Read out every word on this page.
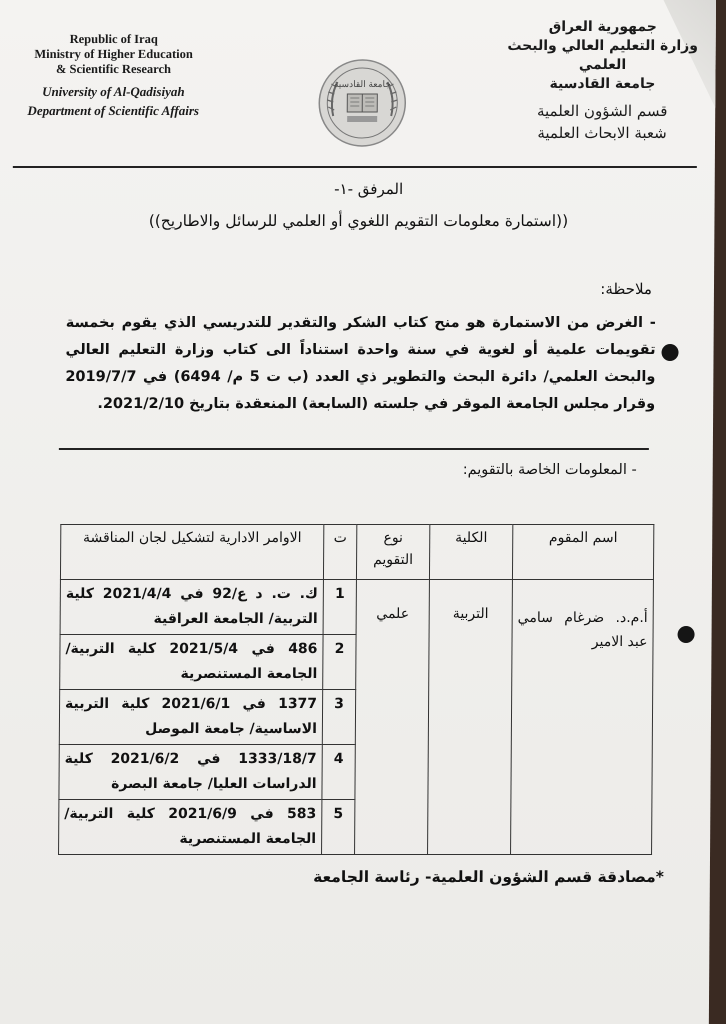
Republic of Iraq
Ministry of Higher Education
& Scientific Research
University of Al-Qadisiyah
Department of Scientific Affairs
جامعة القادسية
جمهورية العراق
وزارة التعليم العالي والبحث العلمي
جامعة القادسية
قسم الشؤون العلمية
شعبة الابحاث العلمية
المرفق -١-
((استمارة معلومات التقويم اللغوي أو العلمي للرسائل والاطاريح))
ملاحظة:
- الغرض من الاستمارة هو منح كتاب الشكر والتقدير للتدريسي الذي يقوم بخمسة تقويمات علمية أو لغوية في سنة واحدة استناداً الى كتاب وزارة التعليم العالي والبحث العلمي/ دائرة البحث والتطوير ذي العدد (ب ت 5 م/ 6494) في 2019/7/7 وقرار مجلس الجامعة الموقر في جلسته (السابعة) المنعقدة بتاريخ 2021/2/10.
- المعلومات الخاصة بالتقويم:
اسم المقوم	الكلية	نوع التقويم	ت	الاوامر الادارية لتشكيل لجان المناقشة
أ.م.د. ضرغام سامي عبد الامير	التربية	علمي	1	ك. ت. د ع/92 في 2021/4/4 كلية التربية/ الجامعة العراقية
			2	486 في 2021/5/4 كلية التربية/ الجامعة المستنصرية
			3	1377 في 2021/6/1 كلية التربية الاساسية/ جامعة الموصل
			4	1333/18/7 في 2021/6/2 كلية الدراسات العليا/ جامعة البصرة
			5	583 في 2021/6/9 كلية التربية/ الجامعة المستنصرية
*مصادقة قسم الشؤون العلمية- رئاسة الجامعة
